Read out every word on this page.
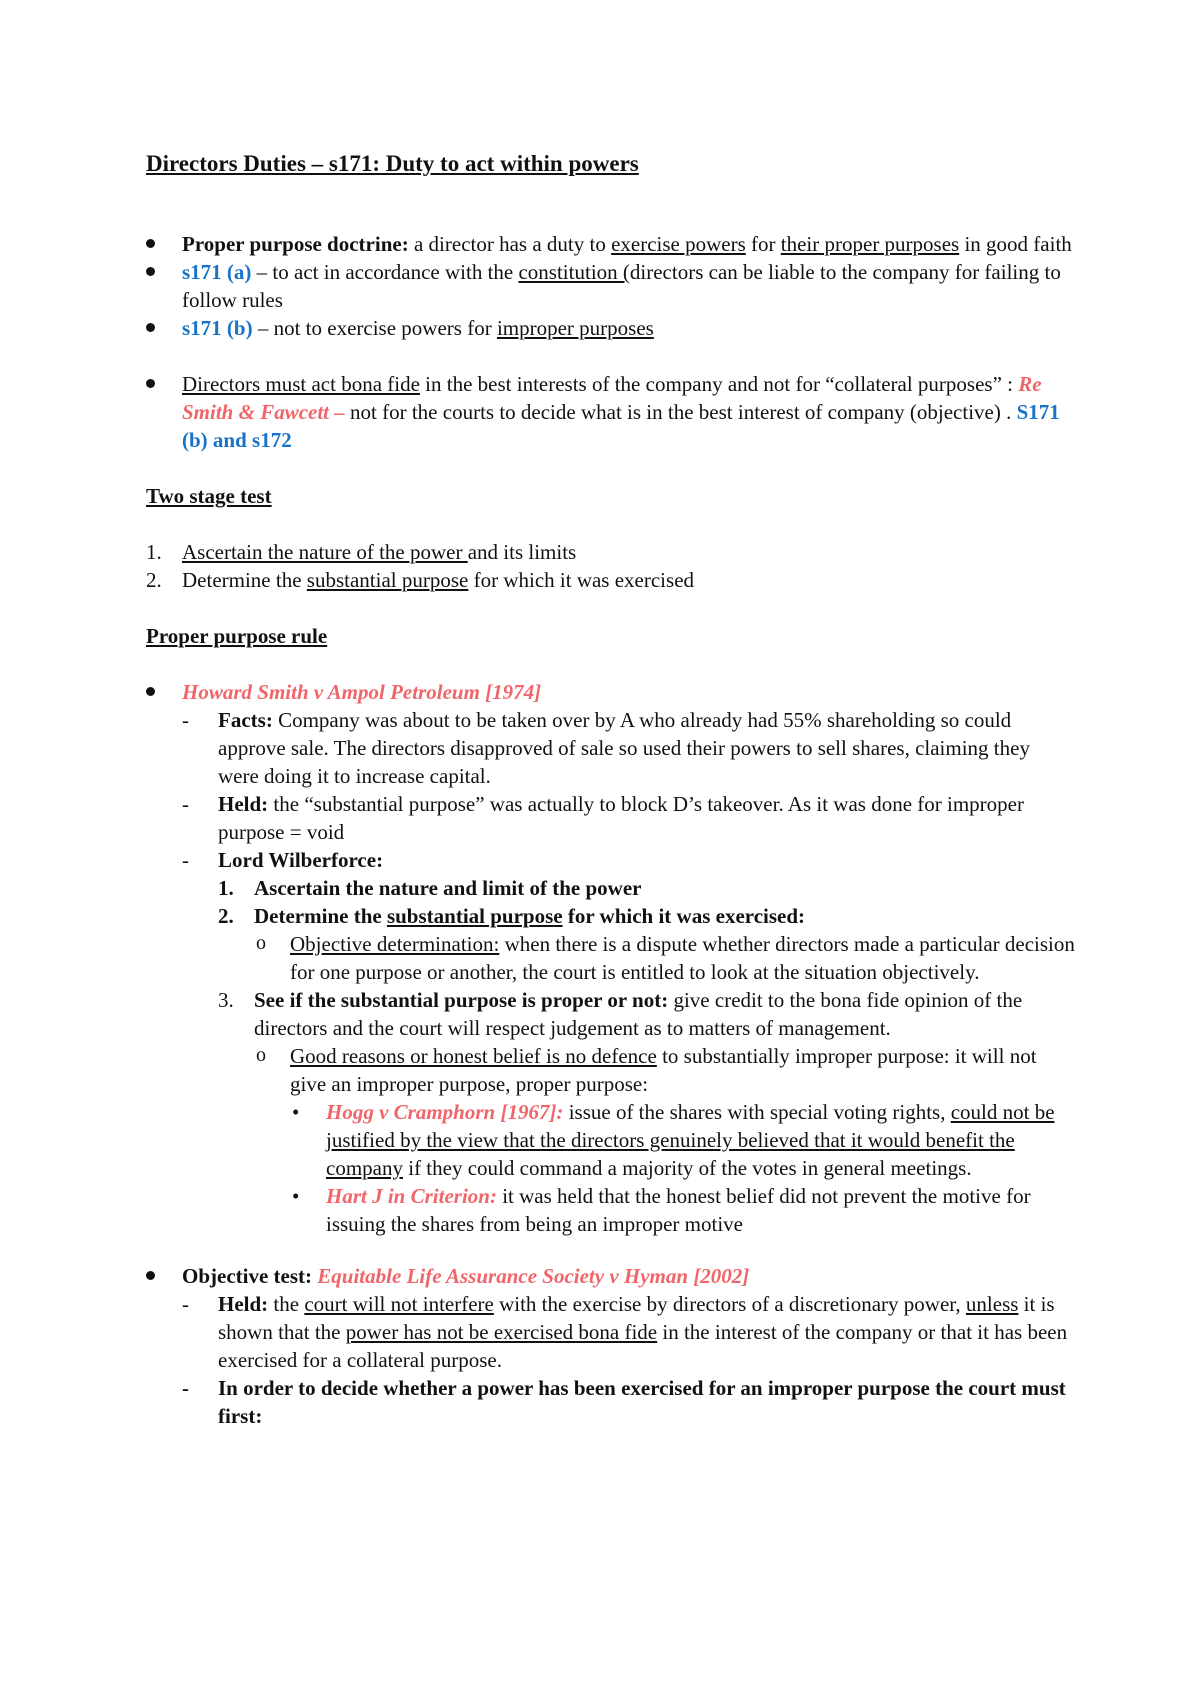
Directors Duties – s171: Duty to act within powers

Proper purpose doctrine: a director has a duty to exercise powers for their proper purposes in good faith
s171 (a) – to act in accordance with the constitution (directors can be liable to the company for failing to follow rules
s171 (b) – not to exercise powers for improper purposes
Directors must act bona fide in the best interests of the company and not for “collateral purposes” : Re Smith & Fawcett – not for the courts to decide what is in the best interest of company (objective) . S171 (b) and s172

Two stage test

1. Ascertain the nature of the power and its limits
2. Determine the substantial purpose for which it was exercised

Proper purpose rule

Howard Smith v Ampol Petroleum [1974]
- Facts: Company was about to be taken over by A who already had 55% shareholding so could approve sale. The directors disapproved of sale so used their powers to sell shares, claiming they were doing it to increase capital.
- Held: the “substantial purpose” was actually to block D’s takeover. As it was done for improper purpose = void
- Lord Wilberforce:
1. Ascertain the nature and limit of the power
2. Determine the substantial purpose for which it was exercised:
o Objective determination: when there is a dispute whether directors made a particular decision for one purpose or another, the court is entitled to look at the situation objectively.
3. See if the substantial purpose is proper or not: give credit to the bona fide opinion of the directors and the court will respect judgement as to matters of management.
o Good reasons or honest belief is no defence to substantially improper purpose: it will not give an improper purpose, proper purpose:
• Hogg v Cramphorn [1967]: issue of the shares with special voting rights, could not be justified by the view that the directors genuinely believed that it would benefit the company if they could command a majority of the votes in general meetings.
• Hart J in Criterion: it was held that the honest belief did not prevent the motive for issuing the shares from being an improper motive
Objective test: Equitable Life Assurance Society v Hyman [2002]
- Held: the court will not interfere with the exercise by directors of a discretionary power, unless it is shown that the power has not be exercised bona fide in the interest of the company or that it has been exercised for a collateral purpose.
- In order to decide whether a power has been exercised for an improper purpose the court must first:
